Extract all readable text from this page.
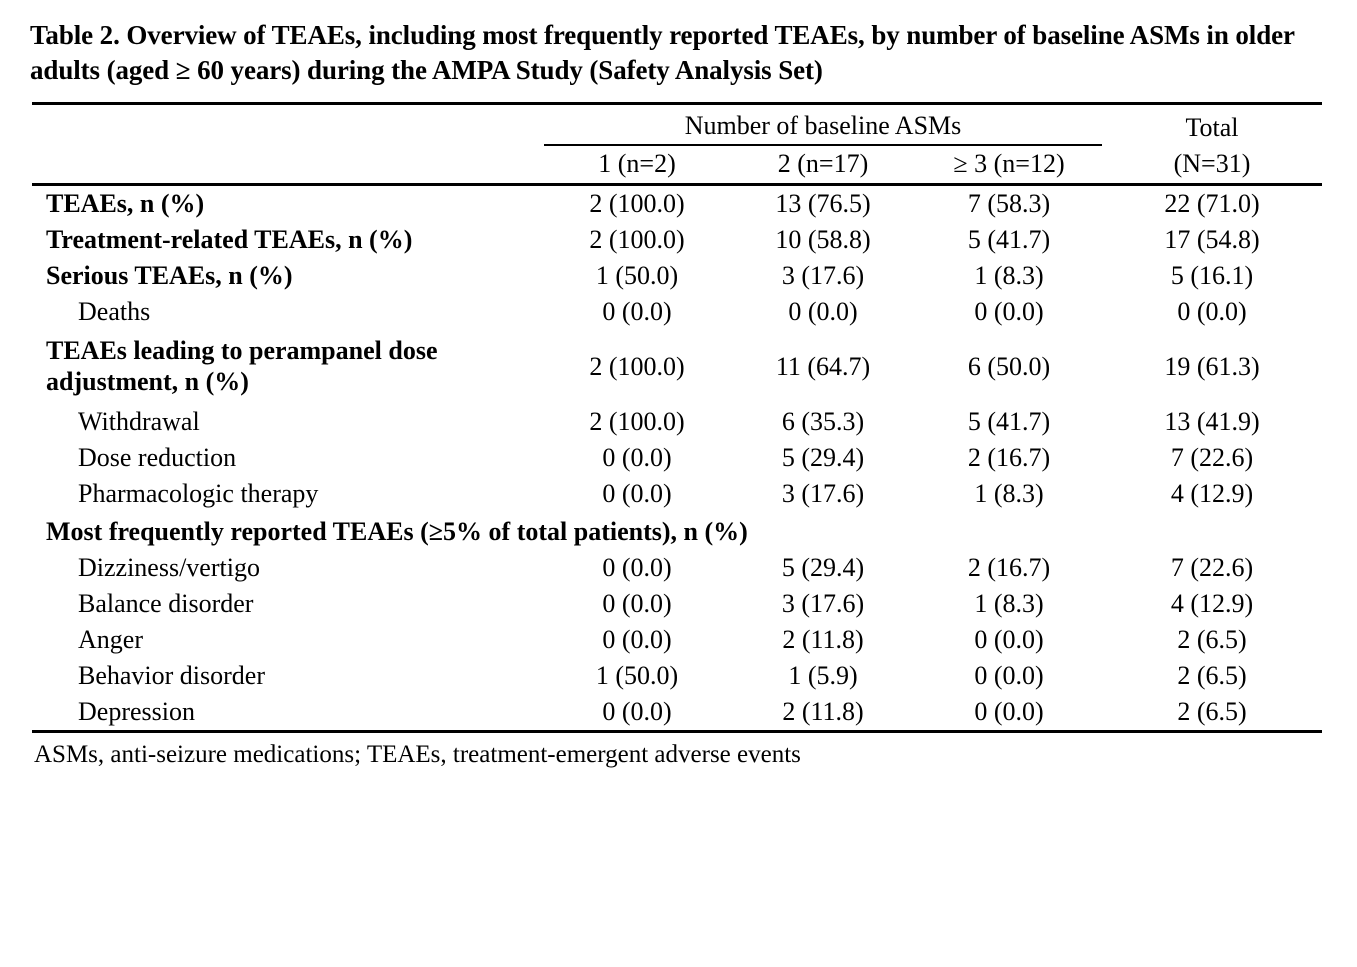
Table 2. Overview of TEAEs, including most frequently reported TEAEs, by number of baseline ASMs in older adults (aged ≥ 60 years) during the AMPA Study (Safety Analysis Set)
	Number of baseline ASMs			Total
	1 (n=2)	2 (n=17)	≥ 3 (n=12)	(N=31)
TEAEs, n (%)	2 (100.0)	13 (76.5)	7 (58.3)	22 (71.0)
Treatment-related TEAEs, n (%)	2 (100.0)	10 (58.8)	5 (41.7)	17 (54.8)
Serious TEAEs, n (%)	1 (50.0)	3 (17.6)	1 (8.3)	5 (16.1)
Deaths	0 (0.0)	0 (0.0)	0 (0.0)	0 (0.0)
TEAEs leading to perampanel dose adjustment, n (%)	2 (100.0)	11 (64.7)	6 (50.0)	19 (61.3)
Withdrawal	2 (100.0)	6 (35.3)	5 (41.7)	13 (41.9)
Dose reduction	0 (0.0)	5 (29.4)	2 (16.7)	7 (22.6)
Pharmacologic therapy	0 (0.0)	3 (17.6)	1 (8.3)	4 (12.9)
Most frequently reported TEAEs (≥5% of total patients), n (%)				
Dizziness/vertigo	0 (0.0)	5 (29.4)	2 (16.7)	7 (22.6)
Balance disorder	0 (0.0)	3 (17.6)	1 (8.3)	4 (12.9)
Anger	0 (0.0)	2 (11.8)	0 (0.0)	2 (6.5)
Behavior disorder	1 (50.0)	1 (5.9)	0 (0.0)	2 (6.5)
Depression	0 (0.0)	2 (11.8)	0 (0.0)	2 (6.5)
ASMs, anti-seizure medications; TEAEs, treatment-emergent adverse events
